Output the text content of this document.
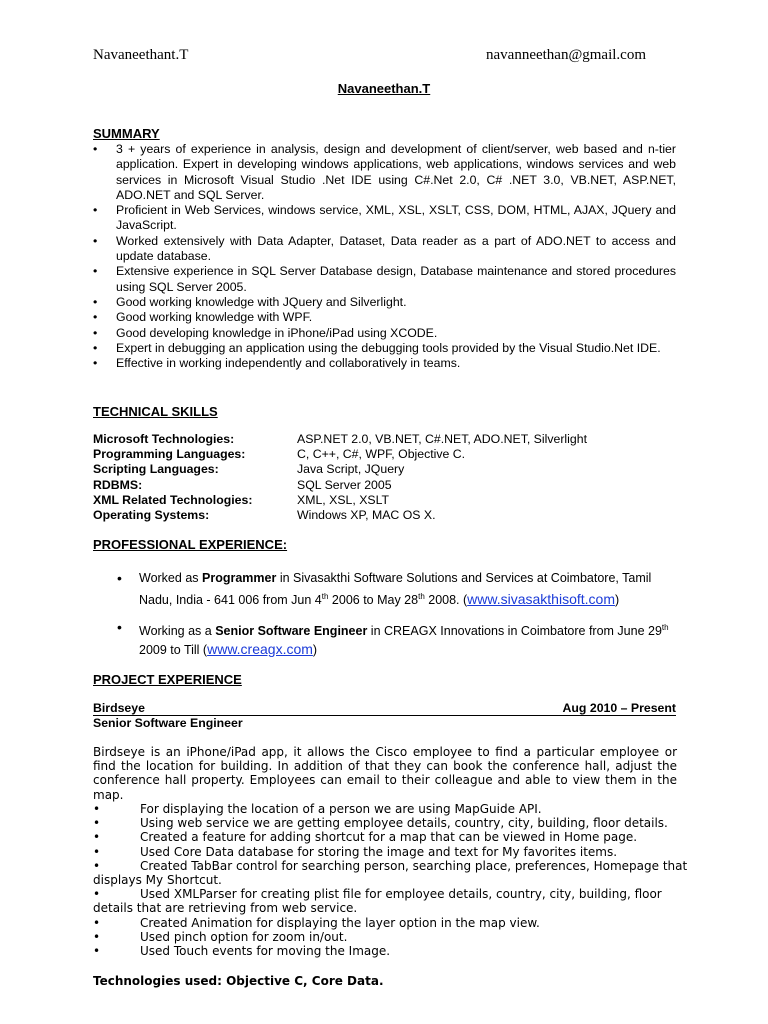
Navaneethant.T	navanneethan@gmail.com
Navaneethan.T
SUMMARY
• 3 + years of experience in analysis, design and development of client/server, web based and n-tier application. Expert in developing windows applications, web applications, windows services and web services in Microsoft Visual Studio .Net IDE using C#.Net 2.0, C# .NET 3.0, VB.NET, ASP.NET, ADO.NET and SQL Server.
• Proficient in Web Services, windows service, XML, XSL, XSLT, CSS, DOM, HTML, AJAX, JQuery and JavaScript.
• Worked extensively with Data Adapter, Dataset, Data reader as a part of ADO.NET to access and update database.
• Extensive experience in SQL Server Database design, Database maintenance and stored procedures using SQL Server 2005.
• Good working knowledge with JQuery and Silverlight.
• Good working knowledge with WPF.
• Good developing knowledge in iPhone/iPad using XCODE.
• Expert in debugging an application using the debugging tools provided by the Visual Studio.Net IDE.
• Effective in working independently and collaboratively in teams.
TECHNICAL SKILLS
Microsoft Technologies:	ASP.NET 2.0, VB.NET, C#.NET, ADO.NET, Silverlight
Programming Languages:	C, C++, C#, WPF, Objective C.
Scripting Languages:	Java Script, JQuery
RDBMS:	SQL Server 2005
XML Related Technologies:	XML, XSL, XSLT
Operating Systems:	Windows XP, MAC OS X.
PROFESSIONAL EXPERIENCE:
• Worked as Programmer in Sivasakthi Software Solutions and Services at Coimbatore, Tamil Nadu, India - 641 006 from Jun 4th 2006 to May 28th 2008. (www.sivasakthisoft.com)
• Working as a Senior Software Engineer in CREAGX Innovations in Coimbatore from June 29th 2009 to Till (www.creagx.com)
PROJECT EXPERIENCE
Birdseye	Aug 2010 – Present
Senior Software Engineer
Birdseye is an iPhone/iPad app, it allows the Cisco employee to find a particular employee or find the location for building. In addition of that they can book the conference hall, adjust the conference hall property. Employees can email to their colleague and able to view them in the map.
•	For displaying the location of a person we are using MapGuide API.
•	Using web service we are getting employee details, country, city, building, floor details.
•	Created a feature for adding shortcut for a map that can be viewed in Home page.
•	Used Core Data database for storing the image and text for My favorites items.
•	Created TabBar control for searching person, searching place, preferences, Homepage that displays My Shortcut.
•	Used XMLParser for creating plist file for employee details, country, city, building, floor details that are retrieving from web service.
•	Created Animation for displaying the layer option in the map view.
•	Used pinch option for zoom in/out.
•	Used Touch events for moving the Image.
Technologies used: Objective C, Core Data.
